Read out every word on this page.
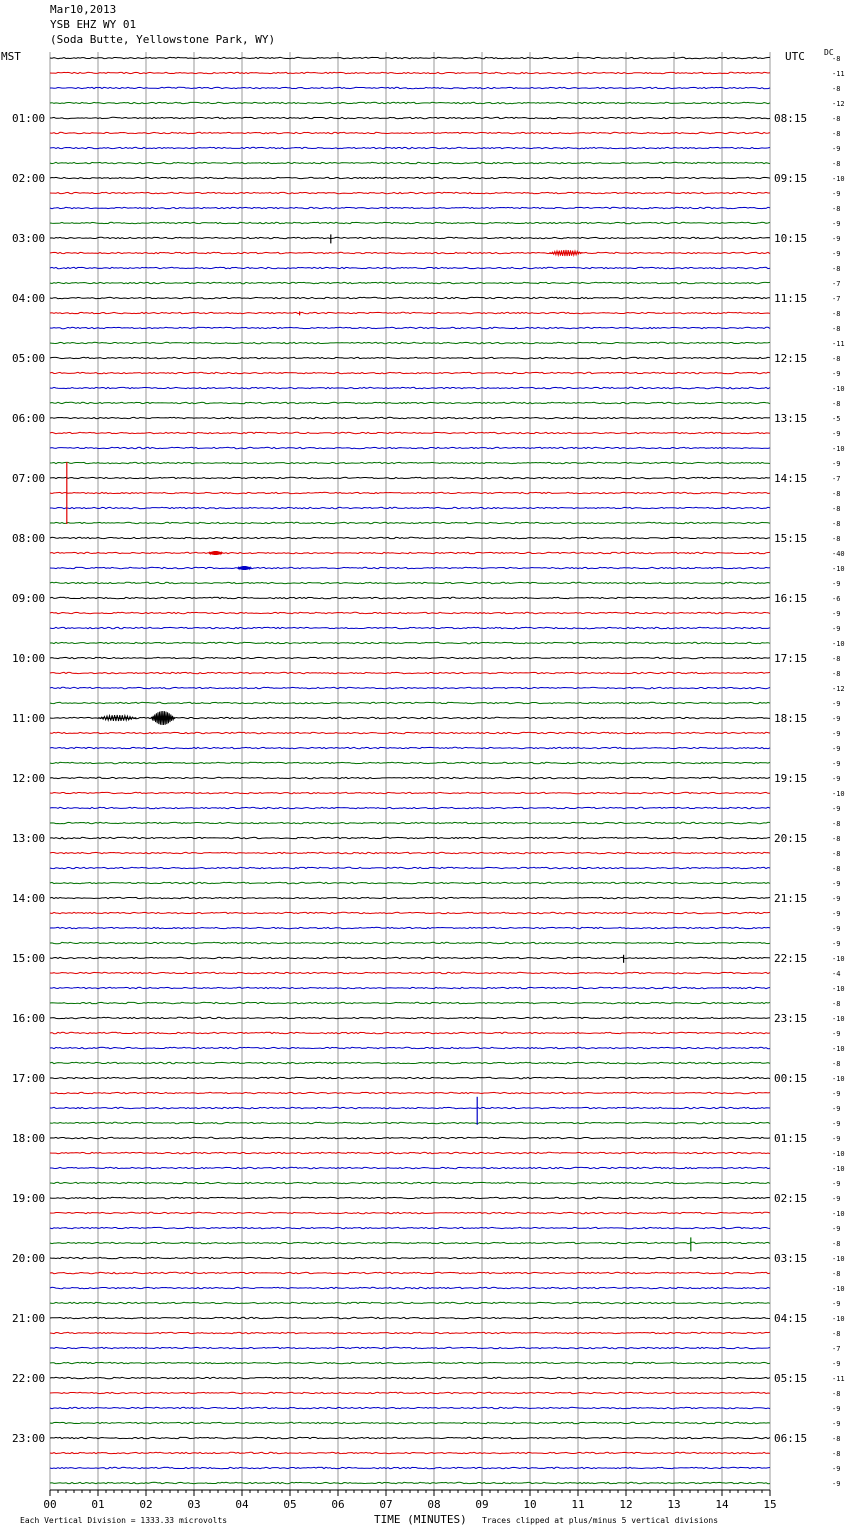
Mar10,2013
YSB EHZ WY 01
(Soda Butte, Yellowstone Park, WY)
MST	UTC DC
-8
-11
-8
-12
-8
-8
-9
-8
-10
-9
-8
-9
-9
-9
-8
-7
-7
-8
-8
-11
-8
-9
-10
-8
-5
-9
-10
-9
-7
-8
-8
-8
-8
-40
-10
-9
-6
-9
-9
-10
-8
-8
-12
-9
-9
-9
-9
-9
-9
-10
-9
-8
-8
-8
-8
-9
-9
-9
-9
-9
-10
-4
-10
-8
-10
-9
-10
-8
-10
-9
-9
-9
-9
-10
-10
-9
-9
-10
-9
-8
-10
-8
-10
-9
-10
-8
-7
-9
-11
-8
-9
-9
-8
-8
-9
-9
01:00	08:15
02:00	09:15
03:00	10:15
04:00	11:15
05:00	12:15
06:00	13:15
07:00	14:15
08:00	15:15
09:00	16:15
10:00	17:15
11:00	18:15
12:00	19:15
13:00	20:15
14:00	21:15
15:00	22:15
16:00	23:15
17:00	00:15
18:00	01:15
19:00	02:15
20:00	03:15
21:00	04:15
22:00	05:15
23:00	06:15
00	01	02	03	04	05	06	07	08	09	10	11	12	13	14	15
Each Vertical Division = 1333.33 microvolts	TIME (MINUTES) Traces clipped at plus/minus 5 vertical divisions
